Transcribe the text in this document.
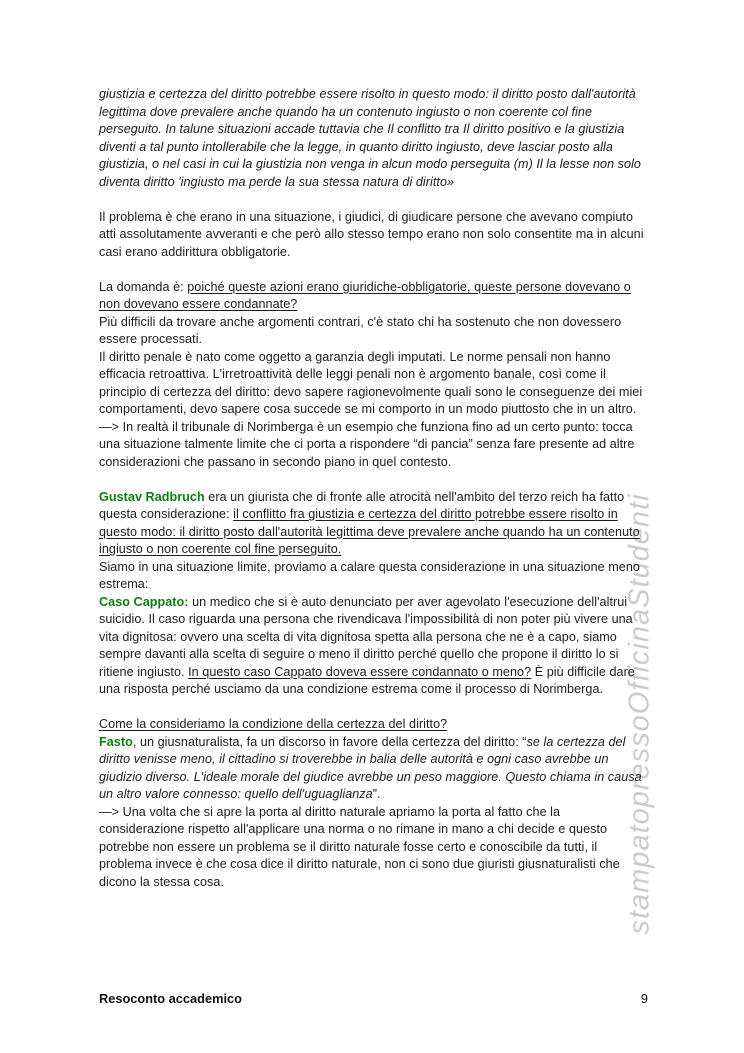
stampatopressoOfficinaStudenti

giustizia e certezza del diritto potrebbe essere risolto in questo modo: il diritto posto dall'autorità legittima dove prevalere anche quando ha un contenuto ingiusto o non coerente col fine perseguito. In talune situazioni accade tuttavia che Il conflitto tra Il diritto positivo e la giustizia diventi a tal punto intollerabile che la legge, in quanto diritto ingiusto, deve lasciar posto alla giustizia, o nel casi in cui la giustizia non venga in alcun modo perseguita (m) Il la lesse non solo diventa diritto 'ingiusto ma perde la sua stessa natura di diritto»

Il problema è che erano in una situazione, i giudici, di giudicare persone che avevano compiuto atti assolutamente avveranti e che però allo stesso tempo erano non solo consentite ma in alcuni casi erano addirittura obbligatorie.

La domanda è: poiché queste azioni erano giuridiche-obbligatorie, queste persone dovevano o non dovevano essere condannate?

Più difficili da trovare anche argomenti contrari, c'è stato chi ha sostenuto che non dovessero essere processati.

Il diritto penale è nato come oggetto a garanzia degli imputati. Le norme pensali non hanno efficacia retroattiva. L'irretroattività delle leggi penali non è argomento banale, così come il principio di certezza del diritto: devo sapere ragionevolmente quali sono le conseguenze dei miei comportamenti, devo sapere cosa succede se mi comporto in un modo piuttosto che in un altro.

—> In realtà il tribunale di Norimberga è un esempio che funziona fino ad un certo punto: tocca una situazione talmente limite che ci porta a rispondere “di pancia” senza fare presente ad altre considerazioni che passano in secondo piano in quel contesto.

Gustav Radbruch era un giurista che di fronte alle atrocità nell'ambito del terzo reich ha fatto questa considerazione: il conflitto fra giustizia e certezza del diritto potrebbe essere risolto in questo modo: il diritto posto dall'autorità legittima deve prevalere anche quando ha un contenuto ingiusto o non coerente col fine perseguito.

Siamo in una situazione limite, proviamo a calare questa considerazione in una situazione meno estrema:

Caso Cappato: un medico che si è auto denunciato per aver agevolato l'esecuzione dell'altrui suicidio. Il caso riguarda una persona che rivendicava l'impossibilità di non poter più vivere una vita dignitosa: ovvero una scelta di vita dignitosa spetta alla persona che ne è a capo, siamo sempre davanti alla scelta di seguire o meno il diritto perché quello che propone il diritto lo si ritiene ingiusto. In questo caso Cappato doveva essere condannato o meno? È più difficile dare una risposta perché usciamo da una condizione estrema come il processo di Norimberga.

Come la consideriamo la condizione della certezza del diritto?

Fasto, un giusnaturalista, fa un discorso in favore della certezza del diritto: “se la certezza del diritto venisse meno, il cittadino si troverebbe in balia delle autorità e ogni caso avrebbe un giudizio diverso. L'ideale morale del giudice avrebbe un peso maggiore. Questo chiama in causa un altro valore connesso: quello dell'uguaglianza”.

—> Una volta che si apre la porta al diritto naturale apriamo la porta al fatto che la considerazione rispetto all'applicare una norma o no rimane in mano a chi decide e questo potrebbe non essere un problema se il diritto naturale fosse certo e conoscibile da tutti, il problema invece è che cosa dice il diritto naturale, non ci sono due giuristi giusnaturalisti che dicono la stessa cosa.

Resoconto accademico	9
